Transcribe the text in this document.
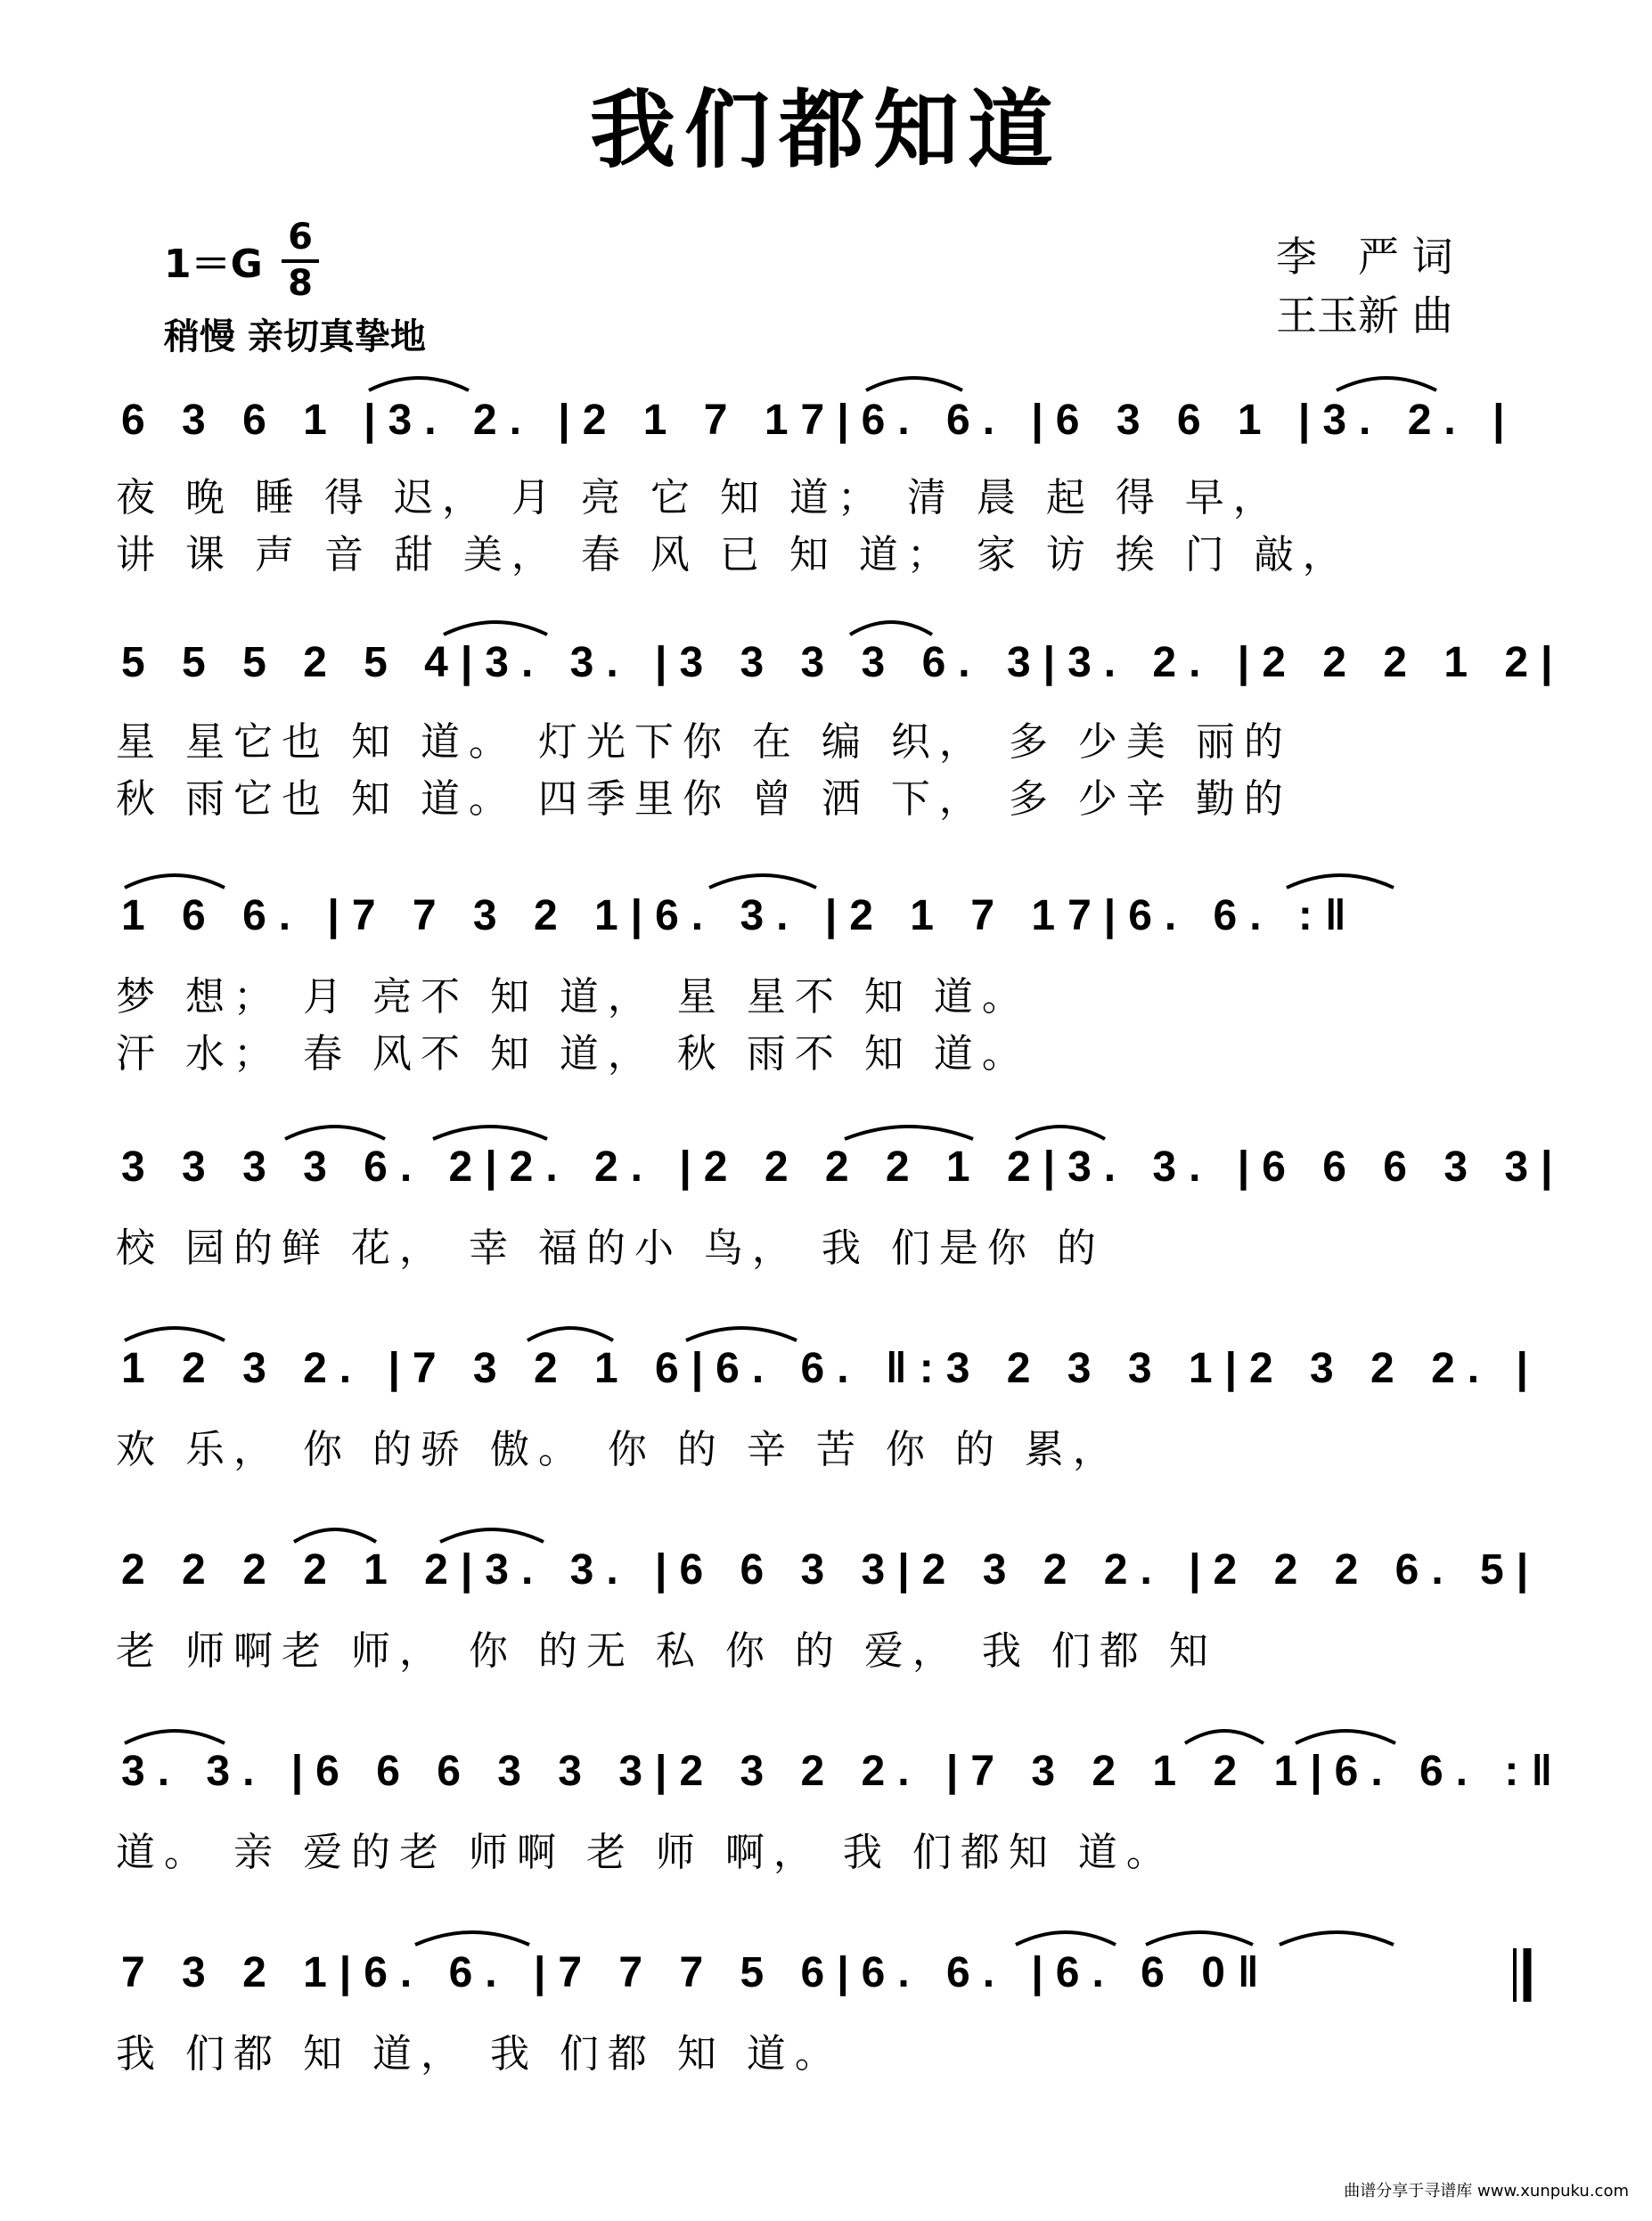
我们都知道
1＝G
6
8
稍慢 亲切真挚地
李　严 词
王玉新 曲
6 3 6 1 |3. 2. |2 1 7 17|6. 6. |6 3 6 1 |3. 2. |
夜 晚 睡 得 迟， 月 亮 它 知 道； 清 晨 起 得 早，
讲 课 声 音 甜 美， 春 风 已 知 道； 家 访 挨 门 敲，
5 5 5 2 5 4|3. 3. |3 3 3 3 6. 3|3. 2. |2 2 2 1 2|
星 星它也 知 道。 灯光下你 在 编 织， 多 少美 丽的
秋 雨它也 知 道。 四季里你 曾 洒 下， 多 少辛 勤的
1 6 6. |7 7 3 2 1|6. 3. |2 1 7 17|6. 6. :‖
梦 想； 月 亮不 知 道， 星 星不 知 道。
汗 水； 春 风不 知 道， 秋 雨不 知 道。
3 3 3 3 6. 2|2. 2. |2 2 2 2 1 2|3. 3. |6 6 6 3 3|
校 园的鲜 花， 幸 福的小 鸟， 我 们是你 的
1 2 3 2. |7 3 2 1 6|6. 6. ‖:3 2 3 3 1|2 3 2 2. |
欢 乐， 你 的骄 傲。 你 的 辛 苦 你 的 累，
2 2 2 2 1 2|3. 3. |6 6 3 3|2 3 2 2. |2 2 2 6. 5|
老 师啊老 师， 你 的无 私 你 的 爱， 我 们都 知
3. 3. |6 6 6 3 3 3|2 3 2 2. |7 3 2 1 2 1|6. 6. :‖
道。 亲 爱的老 师啊 老 师 啊， 我 们都知 道。
7 3 2 1|6. 6. |7 7 7 5 6|6. 6. |6. 6 0‖
我 们都 知 道， 我 们都 知 道。
曲谱分享于寻谱库 www.xunpuku.com
